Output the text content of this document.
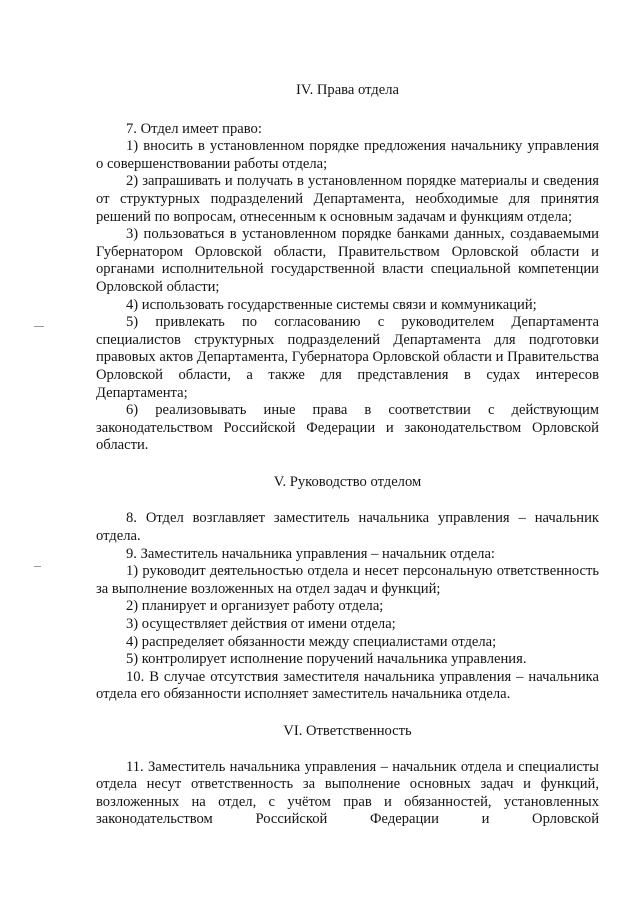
IV. Права отдела

7. Отдел имеет право:

1) вносить в установленном порядке предложения начальнику управления о совершенствовании работы отдела;

2) запрашивать и получать в установленном порядке материалы и сведения от структурных подразделений Департамента, необходимые для принятия решений по вопросам, отнесенным к основным задачам и функциям отдела;

3) пользоваться в установленном порядке банками данных, создаваемыми Губернатором Орловской области, Правительством Орловской области и органами исполнительной государственной власти специальной компетенции Орловской области;

4) использовать государственные системы связи и коммуникаций;

5) привлекать по согласованию с руководителем Департамента специалистов структурных подразделений Департамента для подготовки правовых актов Департамента, Губернатора Орловской области и Правительства Орловской области, а также для представления в судах интересов Департамента;

6) реализовывать иные права в соответствии с действующим законодательством Российской Федерации и законодательством Орловской области.

V. Руководство отделом

8. Отдел возглавляет заместитель начальника управления – начальник отдела.

9. Заместитель начальника управления – начальник отдела:

1) руководит деятельностью отдела и несет персональную ответственность за выполнение возложенных на отдел задач и функций;

2) планирует и организует работу отдела;

3) осуществляет действия от имени отдела;

4) распределяет обязанности между специалистами отдела;

5) контролирует исполнение поручений начальника управления.

10. В случае отсутствия заместителя начальника управления – начальника отдела его обязанности исполняет заместитель начальника отдела.

VI. Ответственность

11. Заместитель начальника управления – начальник отдела и специалисты отдела несут ответственность за выполнение основных задач и функций, возложенных на отдел, с учётом прав и обязанностей, установленных законодательством Российской Федерации и Орловской
